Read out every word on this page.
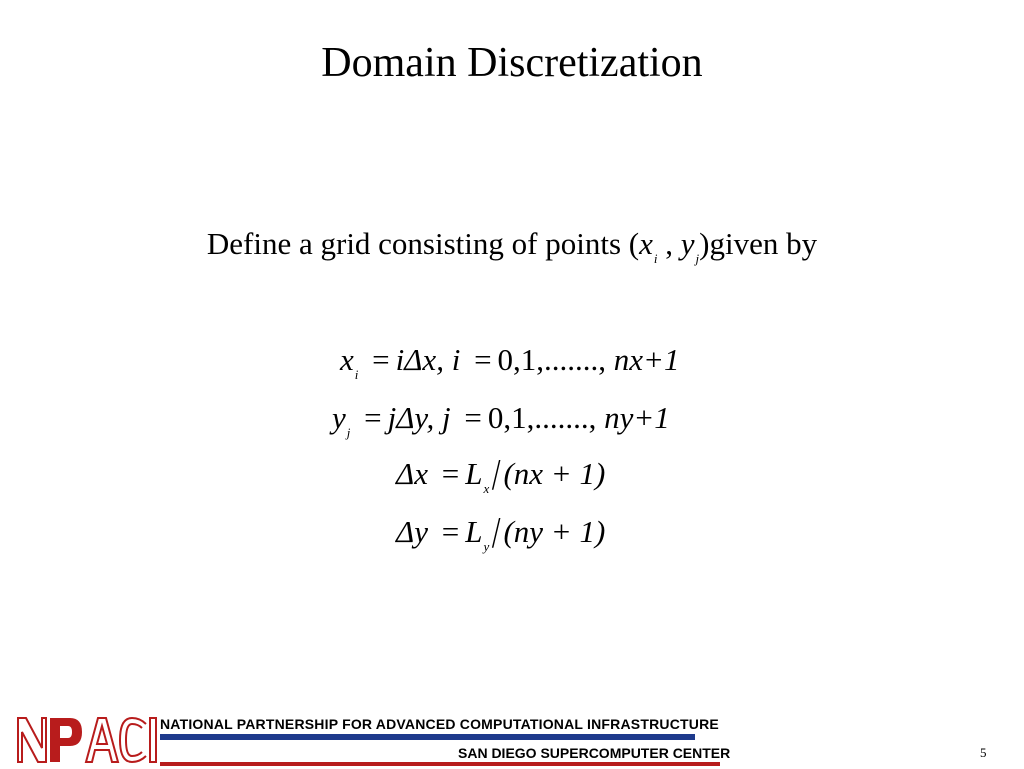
Domain Discretization
Define a grid consisting of points ($x_i$ , $y_j)given$ by
$x_i = i\Delta x$, i = 0,1,......., nx+1
$y_j = j\Delta y$, j = 0,1,......., ny+1
$\Delta x = L_x/(nx + 1)$
$\Delta y = L_y/(ny + 1)$
NATIONAL PARTNERSHIP FOR ADVANCED COMPUTATIONAL INFRASTRUCTURE
SAN DIEGO SUPERCOMPUTER CENTER	5
